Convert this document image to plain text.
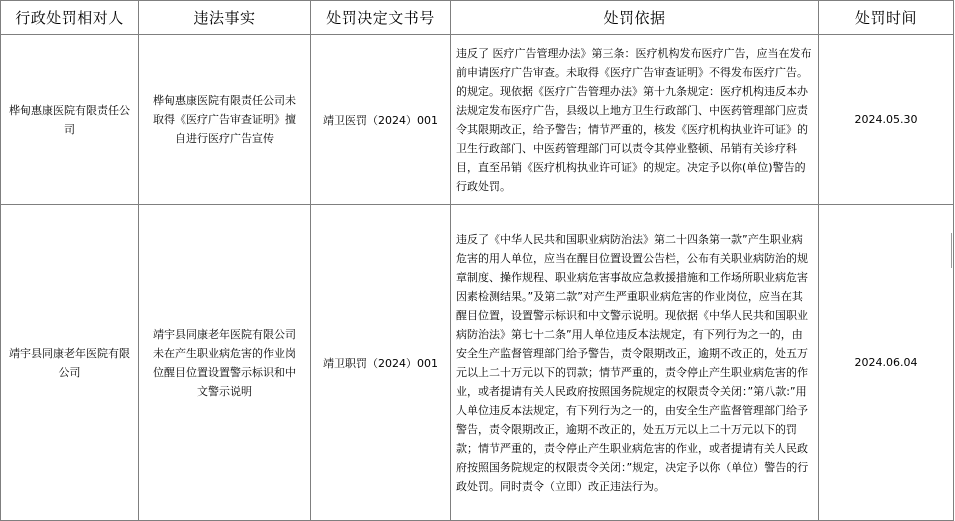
行政处罚相对人	违法事实	处罚决定文书号	处罚依据	处罚时间
桦甸惠康医院有限责任公司	桦甸惠康医院有限责任公司未取得《医疗广告审查证明》擅自进行医疗广告宣传	靖卫医罚（2024）001	违反了 医疗广告管理办法》第三条：医疗机构发布医疗广告，应当在发布前申请医疗广告审查。未取得《医疗广告审查证明》不得发布医疗广告。的规定。现依据《医疗广告管理办法》第十九条规定：医疗机构违反本办法规定发布医疗广告，县级以上地方卫生行政部门、中医药管理部门应责令其限期改正，给予警告；情节严重的，核发《医疗机构执业许可证》的卫生行政部门、中医药管理部门可以责令其停业整顿、吊销有关诊疗科目，直至吊销《医疗机构执业许可证》的规定。决定予以你(单位)警告的行政处罚。	2024.05.30
靖宇县同康老年医院有限公司	靖宇县同康老年医院有限公司未在产生职业病危害的作业岗位醒目位置设置警示标识和中文警示说明	靖卫职罚（2024）001	违反了《中华人民共和国职业病防治法》第二十四条第一款”产生职业病危害的用人单位，应当在醒目位置设置公告栏，公布有关职业病防治的规章制度、操作规程、职业病危害事故应急救援措施和工作场所职业病危害因素检测结果。”及第二款”对产生严重职业病危害的作业岗位，应当在其醒目位置，设置警示标识和中文警示说明。现依据《中华人民共和国职业病防治法》第七十二条”用人单位违反本法规定，有下列行为之一的，由安全生产监督管理部门给予警告，责令限期改正，逾期不改正的，处五万元以上二十万元以下的罚款；情节严重的，责令停止产生职业病危害的作业，或者提请有关人民政府按照国务院规定的权限责令关闭：”第八款:”用人单位违反本法规定，有下列行为之一的，由安全生产监督管理部门给予警告，责令限期改正，逾期不改正的，处五万元以上二十万元以下的罚款；情节严重的，责令停止产生职业病危害的作业，或者提请有关人民政府按照国务院规定的权限责令关闭：”规定，决定予以你（单位）警告的行政处罚。同时责令（立即）改正违法行为。	2024.06.04
